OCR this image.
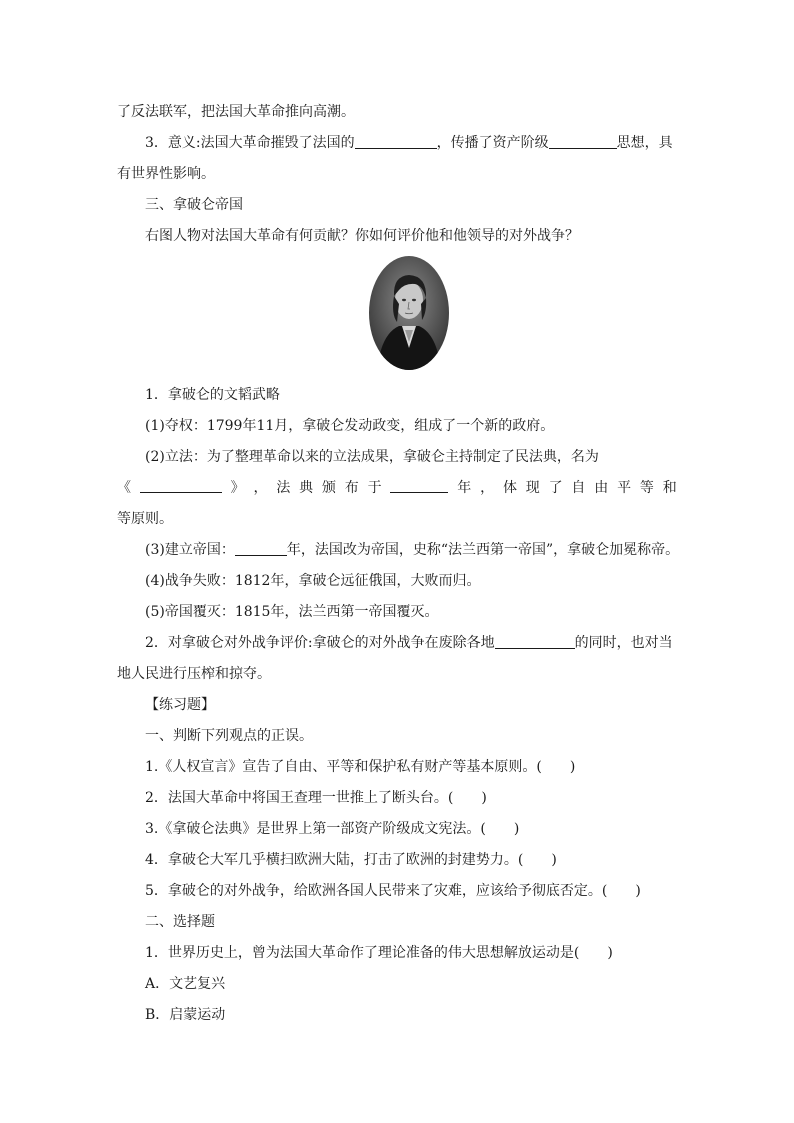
了反法联军，把法国大革命推向高潮。
3．意义:法国大革命摧毁了法国的	，传播了资产阶级	思想，具
有世界性影响。
三、拿破仑帝国
右图人物对法国大革命有何贡献？你如何评价他和他领导的对外战争？
1．拿破仑的文韬武略
(1)夺权：1799年11月，拿破仑发动政变，组成了一个新的政府。
(2)立法：为了整理革命以来的立法成果，拿破仑主持制定了民法典，名为
《	》 ， 法 典 颁 布 于	年 ， 体 现 了 自 由 平 等 和
等原则。
(3)建立帝国：	年，法国改为帝国，史称“法兰西第一帝国”，拿破仑加冕称帝。
(4)战争失败：1812年，拿破仑远征俄国，大败而归。
(5)帝国覆灭：1815年，法兰西第一帝国覆灭。
2．对拿破仑对外战争评价:拿破仑的对外战争在废除各地	的同时，也对当
地人民进行压榨和掠夺。
【练习题】
一、判断下列观点的正误。
1.《人权宣言》宣告了自由、平等和保护私有财产等基本原则。(　　)
2．法国大革命中将国王查理一世推上了断头台。(　　)
3.《拿破仑法典》是世界上第一部资产阶级成文宪法。(　　)
4．拿破仑大军几乎横扫欧洲大陆，打击了欧洲的封建势力。(　　)
5．拿破仑的对外战争，给欧洲各国人民带来了灾难，应该给予彻底否定。(　　)
二、选择题
1．世界历史上，曾为法国大革命作了理论准备的伟大思想解放运动是(　　)
A．文艺复兴
B．启蒙运动
